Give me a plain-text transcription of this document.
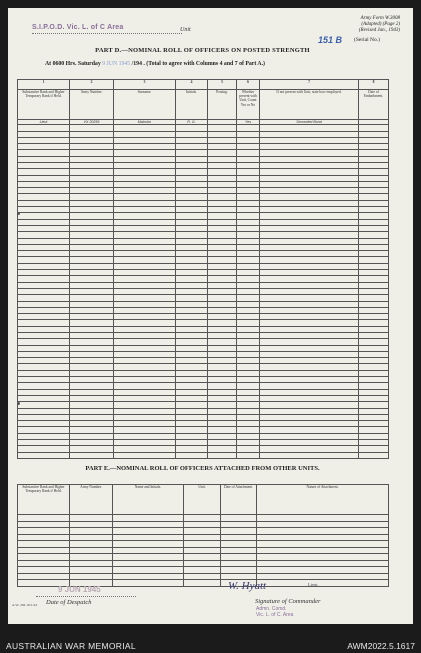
S.I.P.O.D. Vic. L. of C Area	Unit
Army Form W.3008
(Adapted) (Page 2)
(Revised Jan., 1943)
151 B (Serial No.)
PART D.—NOMINAL ROLL OF OFFICERS ON POSTED STRENGTH
At 0600 Hrs. Saturday 9 JUN 1945 /194 . (Total to agree with Columns 4 and 7 of Part A.)
1	2	3	4	5	6	7	8
Substantive Rank and Higher Temporary Rank if Held.	Army Number.	Surname.	Initials.	Posting.	Whether present with Unit, Count Yes or No	If not present with Unit, state how employed.	Date of Embarkment.
Lieut	VX 20259	Malcolm	R. G.		Yes	Seconded Bond	

PART E.—NOMINAL ROLL OF OFFICERS ATTACHED FROM OTHER UNITS.
Substantive Rank and Higher Temporary Rank if Held.	Army Number.	Name and Initials.	Unit.	Date of Attachment.	Nature of Attachment.

9 JUN 1945
Date of Despatch
A.W. 284 10/1/44
W. Hyatt	Lieut.
Signature of Commander
Admn. Comd.
Vic. L. of C. Area
AUSTRALIAN WAR MEMORIAL	AWM2022.5.1617
